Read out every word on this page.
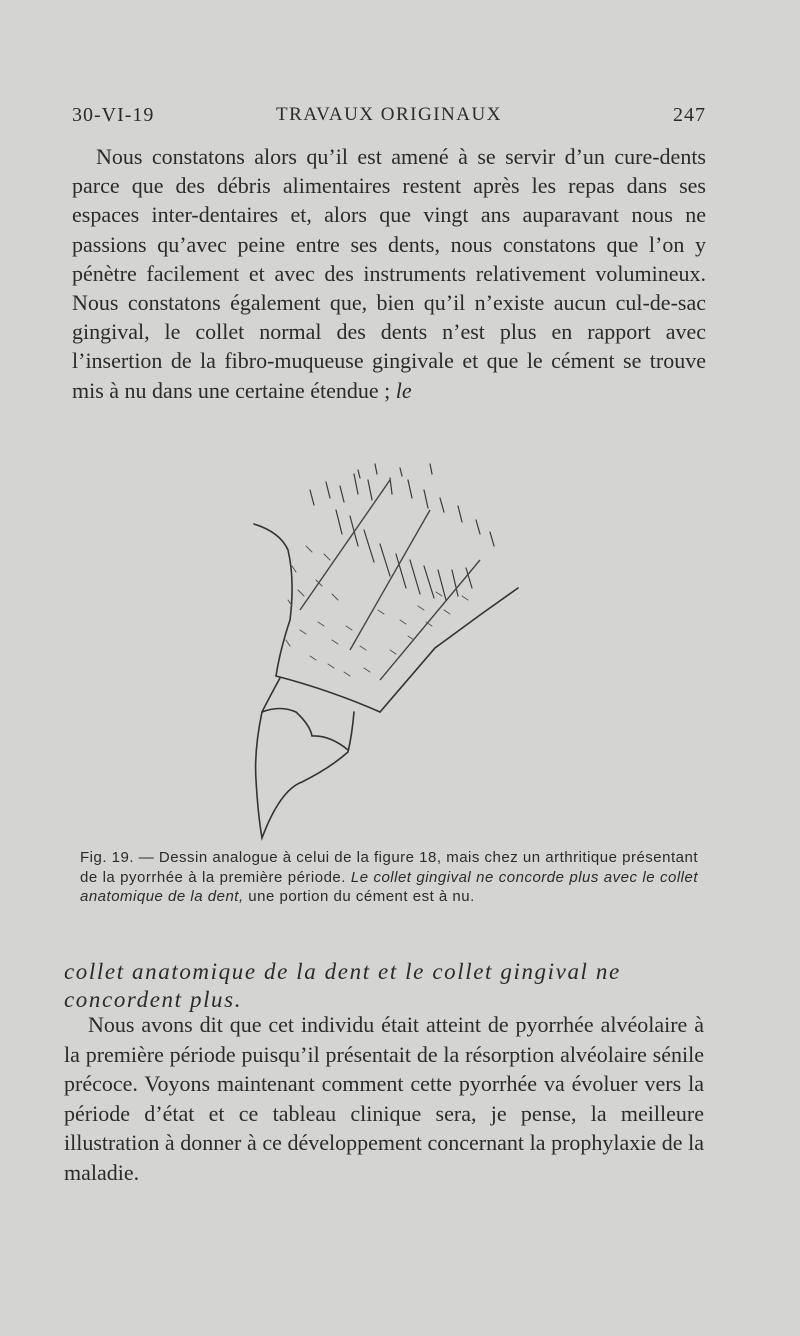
30-VI-19	TRAVAUX ORIGINAUX	247
Nous constatons alors qu’il est amené à se servir d’un cure-dents parce que des débris alimentaires restent après les repas dans ses espaces inter-dentaires et, alors que vingt ans auparavant nous ne passions qu’avec peine entre ses dents, nous constatons que l’on y pénètre facilement et avec des instruments relativement volumineux. Nous constatons également que, bien qu’il n’existe aucun cul-de-sac gingival, le collet normal des dents n’est plus en rapport avec l’insertion de la fibro-muqueuse gingivale et que le cément se trouve mis à nu dans une certaine étendue ; le
Fig. 19. — Dessin analogue à celui de la figure 18, mais chez un arthritique présentant de la pyorrhée à la première période. Le collet gingival ne concorde plus avec le collet anatomique de la dent, une portion du cément est à nu.
collet anatomique de la dent et le collet gingival ne concordent plus.
Nous avons dit que cet individu était atteint de pyorrhée alvéolaire à la première période puisqu’il présentait de la résorption alvéolaire sénile précoce. Voyons maintenant comment cette pyorrhée va évoluer vers la période d’état et ce tableau clinique sera, je pense, la meilleure illustration à donner à ce développement concernant la prophylaxie de la maladie.
